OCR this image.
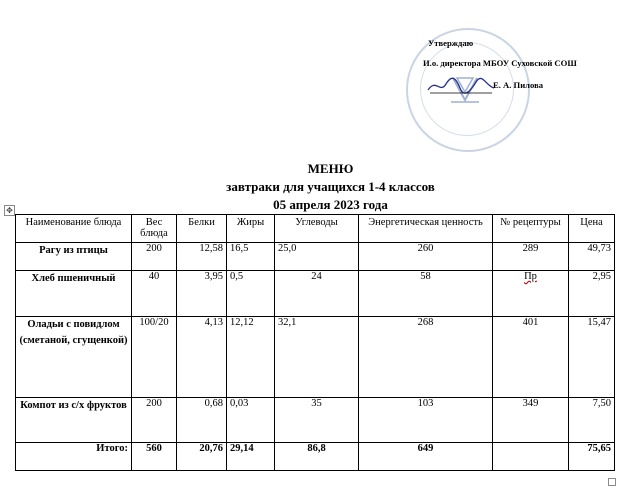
Утверждаю
И.о. директора МБОУ Суховской СОШ
Е. А. Пилова
МЕНЮ
завтраки для учащихся 1-4 классов
05 апреля 2023 года
✥
Наименование блюда	Вес блюда	Белки	Жиры	Углеводы	Энергетическая ценность	№ рецептуры	Цена
Рагу из птицы	200	12,58	16,5	25,0	260	289	49,73
Хлеб пшеничный	40	3,95	0,5	24	58	Пр	2,95
Оладьи с повидлом (сметаной, сгущенкой)	100/20	4,13	12,12	32,1	268	401	15,47
Компот из с/х фруктов	200	0,68	0,03	35	103	349	7,50
Итого:	560	20,76	29,14	86,8	649		75,65
